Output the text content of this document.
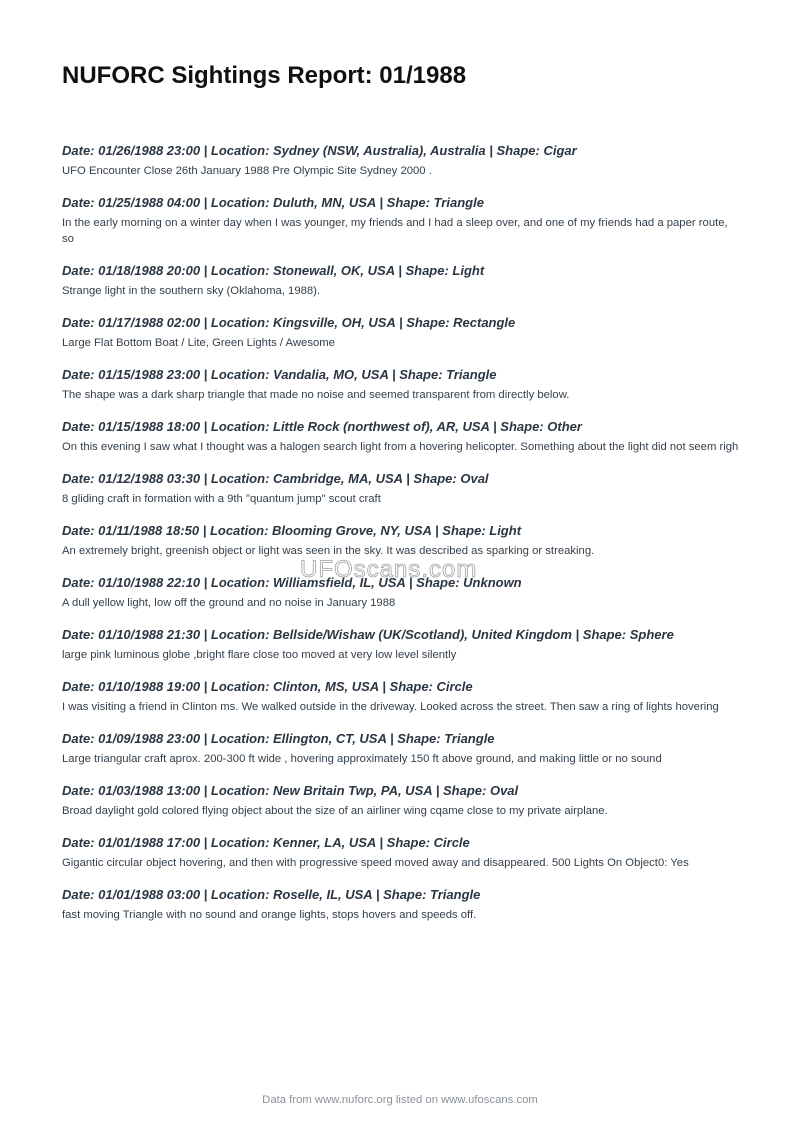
NUFORC Sightings Report: 01/1988
Date: 01/26/1988 23:00 | Location: Sydney (NSW, Australia), Australia | Shape: Cigar

UFO Encounter Close 26th January 1988 Pre Olympic Site Sydney 2000 .

Date: 01/25/1988 04:00 | Location: Duluth, MN, USA | Shape: Triangle

In the early morning on a winter day when I was younger, my friends and I had a sleep over, and one of my friends had a paper route, so

Date: 01/18/1988 20:00 | Location: Stonewall, OK, USA | Shape: Light

Strange light in the southern sky (Oklahoma, 1988).

Date: 01/17/1988 02:00 | Location: Kingsville, OH, USA | Shape: Rectangle

Large Flat Bottom Boat / Lite, Green Lights / Awesome

Date: 01/15/1988 23:00 | Location: Vandalia, MO, USA | Shape: Triangle

The shape was a dark sharp triangle that made no noise and seemed transparent from directly below.

Date: 01/15/1988 18:00 | Location: Little Rock (northwest of), AR, USA | Shape: Other

On this evening I saw what I thought was a halogen search light from a hovering helicopter. Something about the light did not seem righ

Date: 01/12/1988 03:30 | Location: Cambridge, MA, USA | Shape: Oval

8 gliding craft in formation with a 9th "quantum jump" scout craft

Date: 01/11/1988 18:50 | Location: Blooming Grove, NY, USA | Shape: Light

An extremely bright, greenish object or light was seen in the sky. It was described as sparking or streaking.

Date: 01/10/1988 22:10 | Location: Williamsfield, IL, USA | Shape: Unknown

A dull yellow light, low off the ground and no noise in January 1988

Date: 01/10/1988 21:30 | Location: Bellside/Wishaw (UK/Scotland), United Kingdom | Shape: Sphere

large pink luminous globe ,bright flare close too moved at very low level silently

Date: 01/10/1988 19:00 | Location: Clinton, MS, USA | Shape: Circle

I was visiting a friend in Clinton ms. We walked outside in the driveway. Looked across the street. Then saw a ring of lights hovering

Date: 01/09/1988 23:00 | Location: Ellington, CT, USA | Shape: Triangle

Large triangular craft aprox. 200-300 ft wide , hovering approximately 150 ft above ground, and making little or no sound

Date: 01/03/1988 13:00 | Location: New Britain Twp, PA, USA | Shape: Oval

Broad daylight gold colored flying object about the size of an airliner wing cqame close to my private airplane.

Date: 01/01/1988 17:00 | Location: Kenner, LA, USA | Shape: Circle

Gigantic circular object hovering, and then with progressive speed moved away and disappeared. 500 Lights On Object0: Yes

Date: 01/01/1988 03:00 | Location: Roselle, IL, USA | Shape: Triangle

fast moving Triangle with no sound and orange lights, stops hovers and speeds off.

UFOscans.com
Data from www.nuforc.org listed on www.ufoscans.com
